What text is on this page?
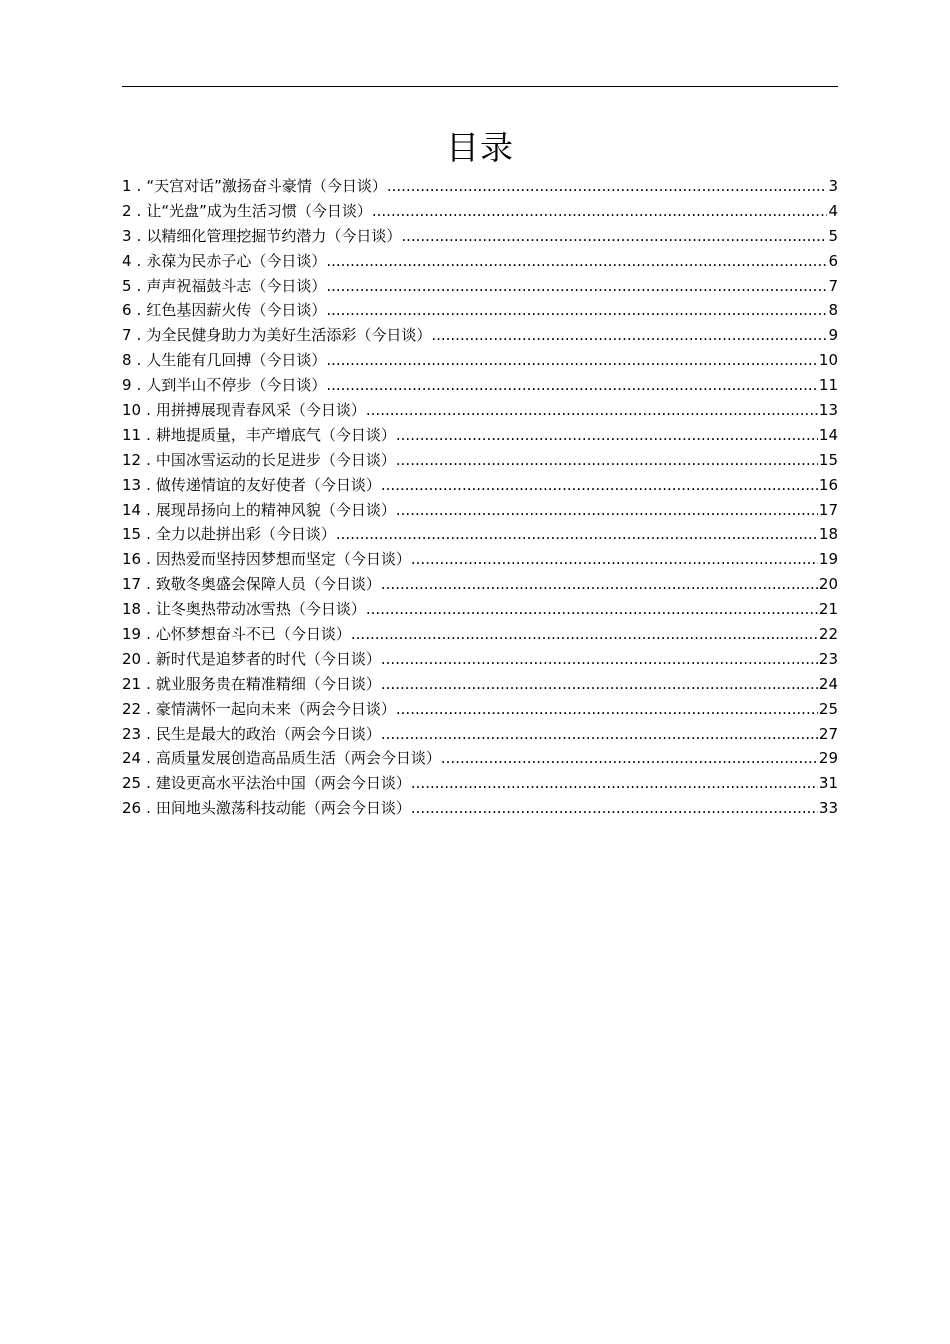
目录
1 . “天宫对话”激扬奋斗豪情（今日谈） .....	3
2 . 让“光盘”成为生活习惯（今日谈） .....	4
3 . 以精细化管理挖掘节约潜力（今日谈） .....	5
4 . 永葆为民赤子心（今日谈） .....	6
5 . 声声祝福鼓斗志（今日谈） .....	7
6 . 红色基因薪火传（今日谈） .....	8
7 . 为全民健身助力为美好生活添彩（今日谈） .....	9
8 . 人生能有几回搏（今日谈） .....	10
9 . 人到半山不停步（今日谈） .....	11
10 . 用拼搏展现青春风采（今日谈） .....	13
11 . 耕地提质量，丰产增底气（今日谈） .....	14
12 . 中国冰雪运动的长足进步（今日谈） .....	15
13 . 做传递情谊的友好使者（今日谈） .....	16
14 . 展现昂扬向上的精神风貌（今日谈） .....	17
15 . 全力以赴拼出彩（今日谈） .....	18
16 . 因热爱而坚持因梦想而坚定（今日谈） .....	19
17 . 致敬冬奥盛会保障人员（今日谈） .....	20
18 . 让冬奥热带动冰雪热（今日谈） .....	21
19 . 心怀梦想奋斗不已（今日谈） .....	22
20 . 新时代是追梦者的时代（今日谈） .....	23
21 . 就业服务贵在精准精细（今日谈） .....	24
22 . 豪情满怀一起向未来（两会今日谈） .....	25
23 . 民生是最大的政治（两会今日谈） .....	27
24 . 高质量发展创造高品质生活（两会今日谈） .....	29
25 . 建设更高水平法治中国（两会今日谈） .....	31
26 . 田间地头激荡科技动能（两会今日谈） .....	33
